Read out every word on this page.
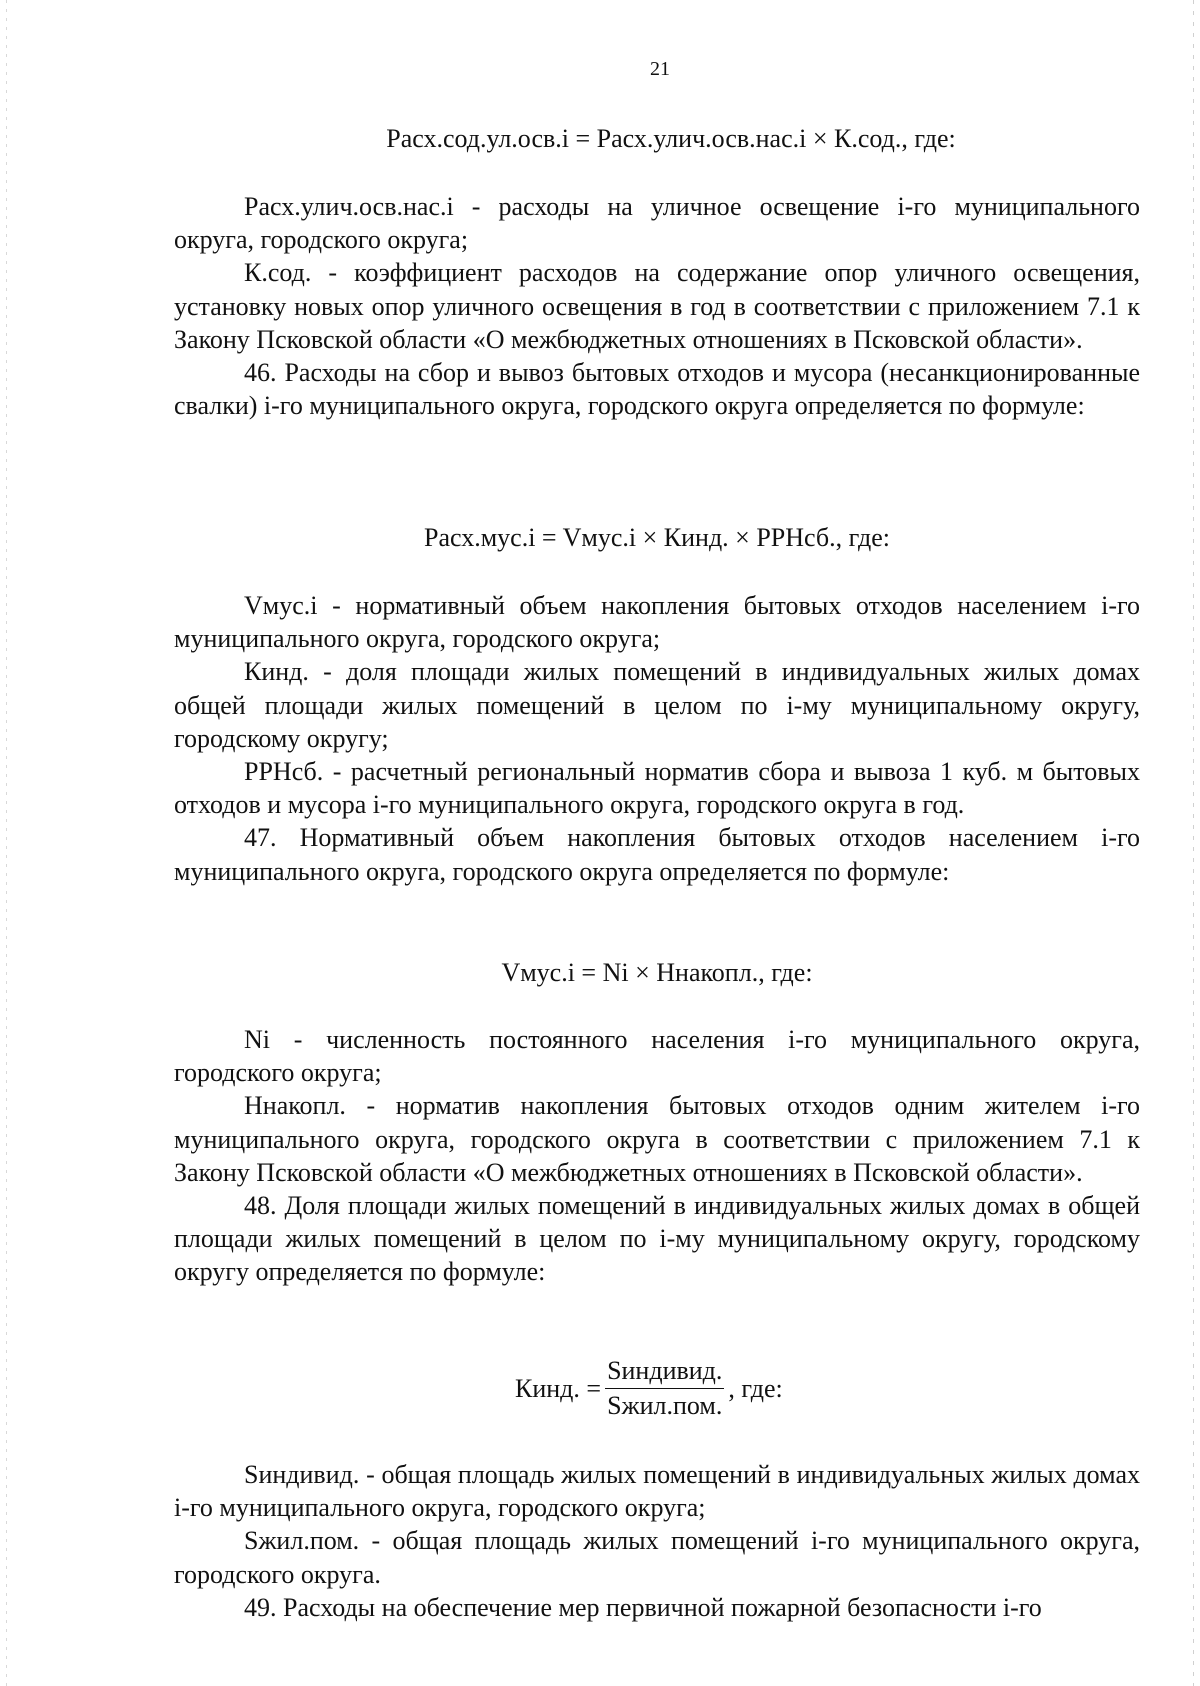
21
Расх.сод.ул.осв.i = Расх.улич.осв.нас.i × К.сод., где:

Расх.улич.осв.нас.i - расходы на уличное освещение i-го муниципального округа, городского округа;

К.сод. - коэффициент расходов на содержание опор уличного освещения, установку новых опор уличного освещения в год в соответствии с приложением 7.1 к Закону Псковской области «О межбюджетных отношениях в Псковской области».

46. Расходы на сбор и вывоз бытовых отходов и мусора (несанкционированные свалки) i-го муниципального округа, городского округа определяется по формуле:

Расх.мус.i = Vмус.i × Кинд. × РРНсб., где:

Vмус.i - нормативный объем накопления бытовых отходов населением i-го муниципального округа, городского округа;

Кинд. - доля площади жилых помещений в индивидуальных жилых домах общей площади жилых помещений в целом по i-му муниципальному округу, городскому округу;

РРНсб. - расчетный региональный норматив сбора и вывоза 1 куб. м бытовых отходов и мусора i-го муниципального округа, городского округа в год.

47. Нормативный объем накопления бытовых отходов населением i-го муниципального округа, городского округа определяется по формуле:

Vмус.i = Ni × Ннакопл., где:

Ni - численность постоянного населения i-го муниципального округа, городского округа;

Ннакопл. - норматив накопления бытовых отходов одним жителем i-го муниципального округа, городского округа в соответствии с приложением 7.1 к Закону Псковской области «О межбюджетных отношениях в Псковской области».

48. Доля площади жилых помещений в индивидуальных жилых домах в общей площади жилых помещений в целом по i-му муниципальному округу, городскому округу определяется по формуле:

Кинд. = $\frac{\text{Sиндивид.}}{\text{Sжил.пом.}}$ , где:

Sиндивид. - общая площадь жилых помещений в индивидуальных жилых домах i-го муниципального округа, городского округа;

Sжил.пом. - общая площадь жилых помещений i-го муниципального округа, городского округа.

49. Расходы на обеспечение мер первичной пожарной безопасности i-го
